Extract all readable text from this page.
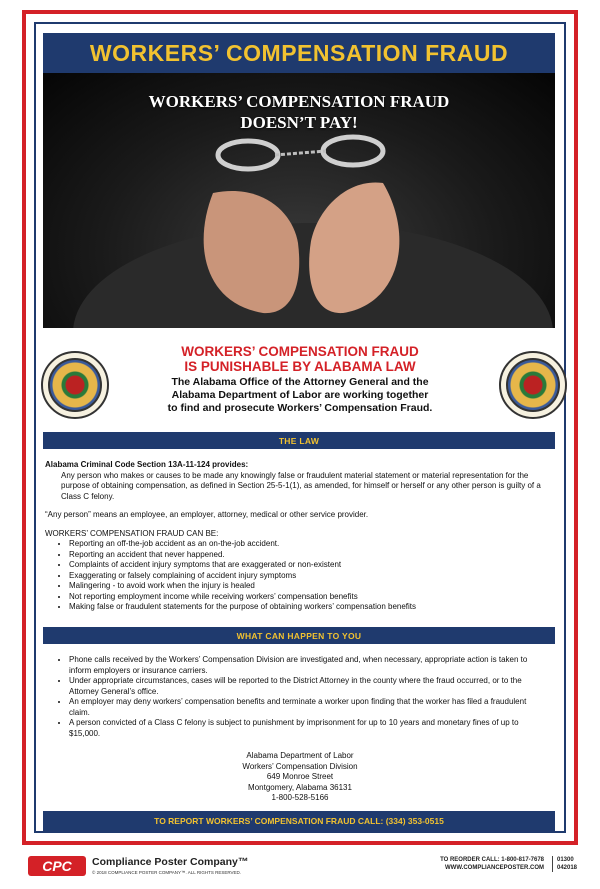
WORKERS’ COMPENSATION FRAUD
WORKERS’ COMPENSATION FRAUD
DOESN’T PAY!
WORKERS’ COMPENSATION FRAUD
IS PUNISHABLE BY ALABAMA LAW
The Alabama Office of the Attorney General and the
Alabama Department of Labor are working together
to find and prosecute Workers’ Compensation Fraud.
THE LAW
Alabama Criminal Code Section 13A-11-124 provides:
Any person who makes or causes to be made any knowingly false or fraudulent material statement or material representation for the purpose of obtaining compensation, as defined in Section 25-5-1(1), as amended, for himself or herself or any other person is guilty of a Class C felony.
“Any person” means an employee, an employer, attorney, medical or other service provider.
WORKERS’ COMPENSATION FRAUD CAN BE:
• Reporting an off-the-job accident as an on-the-job accident.
• Reporting an accident that never happened.
• Complaints of accident injury symptoms that are exaggerated or non-existent
• Exaggerating or falsely complaining of accident injury symptoms
• Malingering - to avoid work when the injury is healed
• Not reporting employment income while receiving workers’ compensation benefits
• Making false or fraudulent statements for the purpose of obtaining workers’ compensation benefits
WHAT CAN HAPPEN TO YOU
• Phone calls received by the Workers’ Compensation Division are investigated and, when necessary, appropriate action is taken to inform employers or insurance carriers.
• Under appropriate circumstances, cases will be reported to the District Attorney in the county where the fraud occurred, or to the Attorney General’s office.
• An employer may deny workers’ compensation benefits and terminate a worker upon finding that the worker has filed a fraudulent claim.
• A person convicted of a Class C felony is subject to punishment by imprisonment for up to 10 years and monetary fines of up to $15,000.
Alabama Department of Labor
Workers’ Compensation Division
649 Monroe Street
Montgomery, Alabama 36131
1-800-528-5166
TO REPORT WORKERS’ COMPENSATION FRAUD CALL: (334) 353-0515
CPC	Compliance Poster Company™
© 2018 COMPLIANCE POSTER COMPANY™. ALL RIGHTS RESERVED.
TO REORDER CALL: 1-800-817-7678
WWW.COMPLIANCEPOSTER.COM
01300
042018
